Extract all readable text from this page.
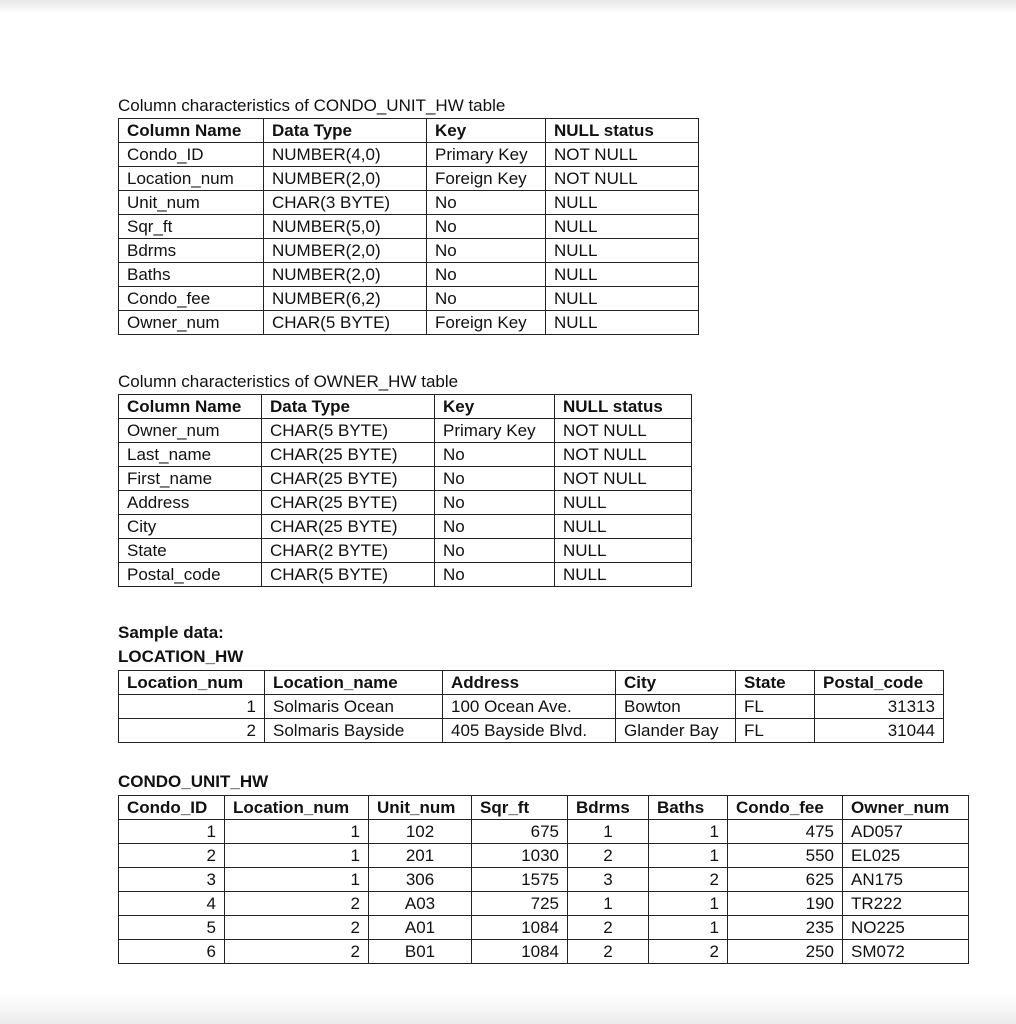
Column characteristics of CONDO_UNIT_HW table
Column Name	Data Type	Key	NULL status
Condo_ID	NUMBER(4,0)	Primary Key	NOT NULL
Location_num	NUMBER(2,0)	Foreign Key	NOT NULL
Unit_num	CHAR(3 BYTE)	No	NULL
Sqr_ft	NUMBER(5,0)	No	NULL
Bdrms	NUMBER(2,0)	No	NULL
Baths	NUMBER(2,0)	No	NULL
Condo_fee	NUMBER(6,2)	No	NULL
Owner_num	CHAR(5 BYTE)	Foreign Key	NULL
Column characteristics of OWNER_HW table
Column Name	Data Type	Key	NULL status
Owner_num	CHAR(5 BYTE)	Primary Key	NOT NULL
Last_name	CHAR(25 BYTE)	No	NOT NULL
First_name	CHAR(25 BYTE)	No	NOT NULL
Address	CHAR(25 BYTE)	No	NULL
City	CHAR(25 BYTE)	No	NULL
State	CHAR(2 BYTE)	No	NULL
Postal_code	CHAR(5 BYTE)	No	NULL
Sample data:
LOCATION_HW
Location_num	Location_name	Address	City	State	Postal_code
1	Solmaris Ocean	100 Ocean Ave.	Bowton	FL	31313
2	Solmaris Bayside	405 Bayside Blvd.	Glander Bay	FL	31044
CONDO_UNIT_HW
Condo_ID	Location_num	Unit_num	Sqr_ft	Bdrms	Baths	Condo_fee	Owner_num
1	1	102	675	1	1	475	AD057
2	1	201	1030	2	1	550	EL025
3	1	306	1575	3	2	625	AN175
4	2	A03	725	1	1	190	TR222
5	2	A01	1084	2	1	235	NO225
6	2	B01	1084	2	2	250	SM072
